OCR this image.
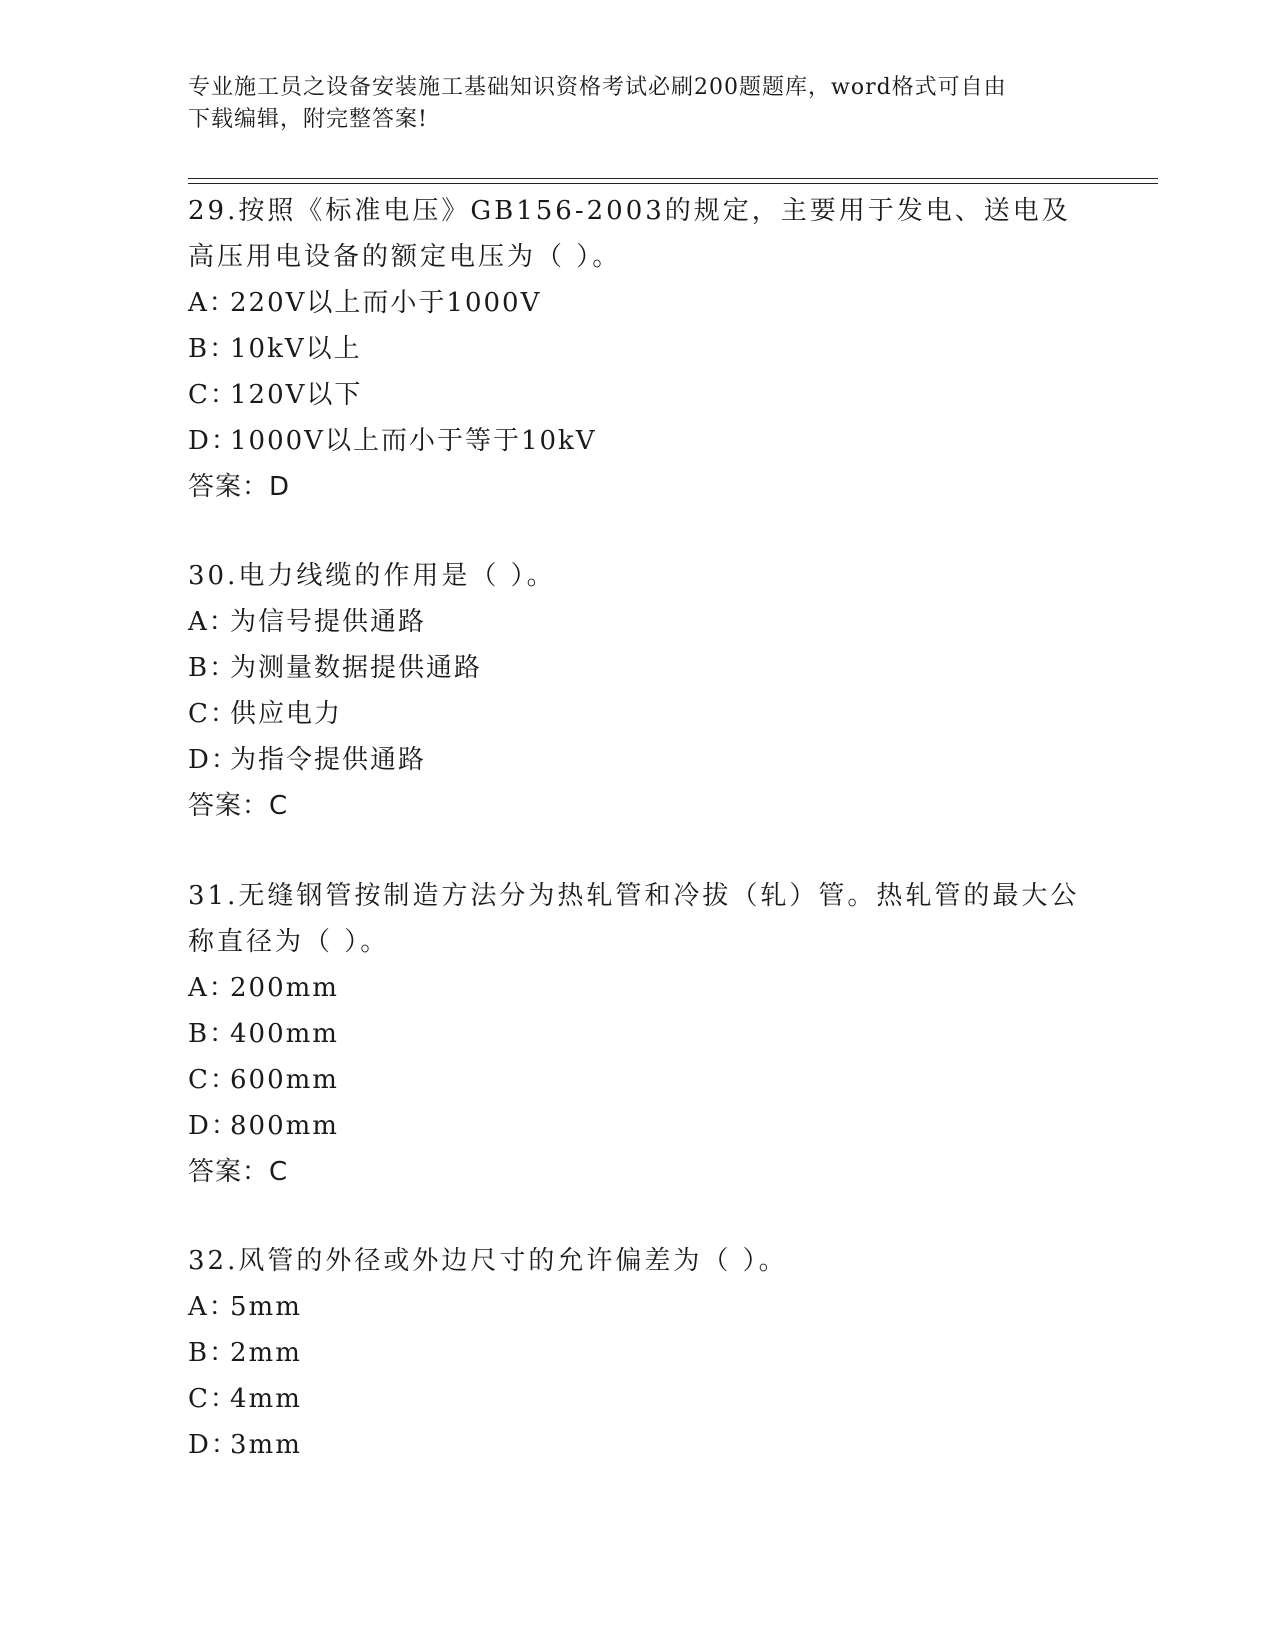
专业施工员之设备安装施工基础知识资格考试必刷200题题库，word格式可自由
下载编辑，附完整答案!

29.按照《标准电压》GB156-2003的规定，主要用于发电、送电及高压用电设备的额定电压为（ ）。

A：220V以上而小于1000V

B：10kV以上

C：120V以下

D：1000V以上而小于等于10kV

答案：D

30.电力线缆的作用是（ ）。

A：为信号提供通路

B：为测量数据提供通路

C：供应电力

D：为指令提供通路

答案：C

31.无缝钢管按制造方法分为热轧管和冷拔（轧）管。热轧管的最大公称直径为（ ）。

A：200mm

B：400mm

C：600mm

D：800mm

答案：C

32.风管的外径或外边尺寸的允许偏差为（ ）。

A：5mm

B：2mm

C：4mm

D：3mm
